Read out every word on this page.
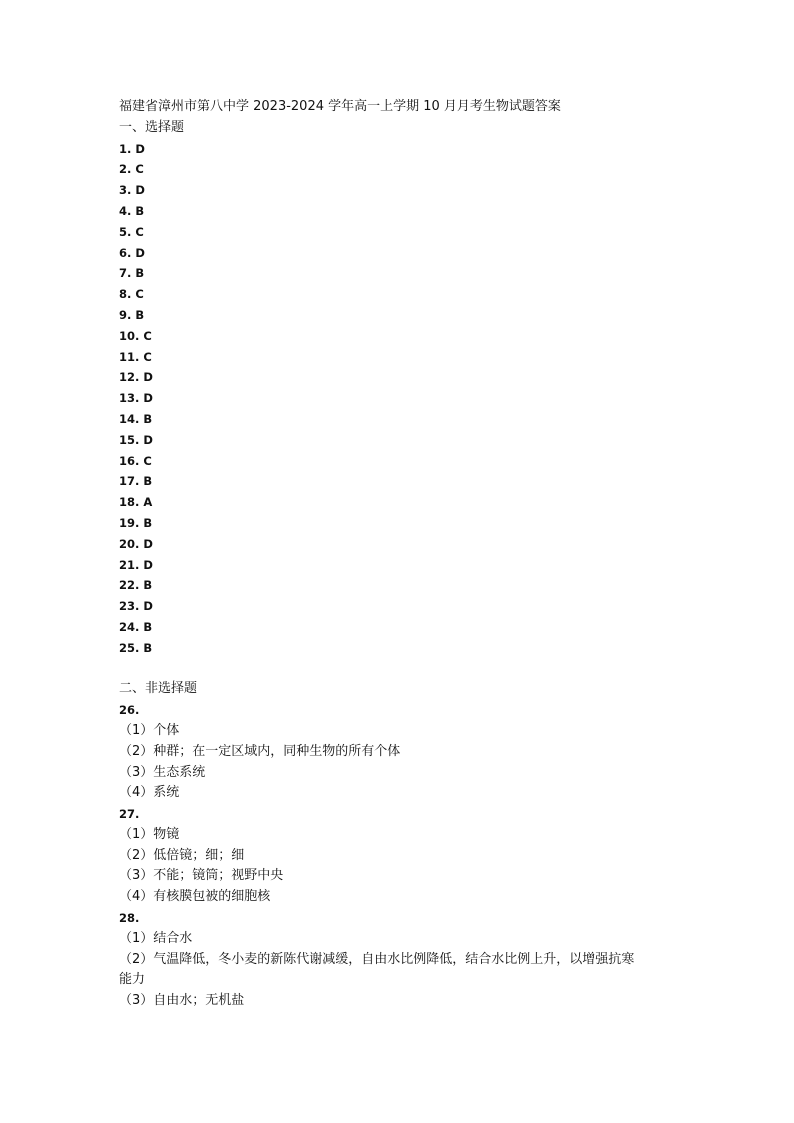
福建省漳州市第八中学 2023-2024 学年高一上学期 10 月月考生物试题答案
一、选择题
1. D
2. C
3. D
4. B
5. C
6. D
7. B
8. C
9. B
10. C
11. C
12. D
13. D
14. B
15. D
16. C
17. B
18. A
19. B
20. D
21. D
22. B
23. D
24. B
25. B
二、非选择题
26.
（1）个体
（2）种群；在一定区域内，同种生物的所有个体
（3）生态系统
（4）系统
27.
（1）物镜
（2）低倍镜；细；细
（3）不能；镜筒；视野中央
（4）有核膜包被的细胞核
28.
（1）结合水
（2）气温降低，冬小麦的新陈代谢减缓，自由水比例降低，结合水比例上升，以增强抗寒
能力
（3）自由水；无机盐
